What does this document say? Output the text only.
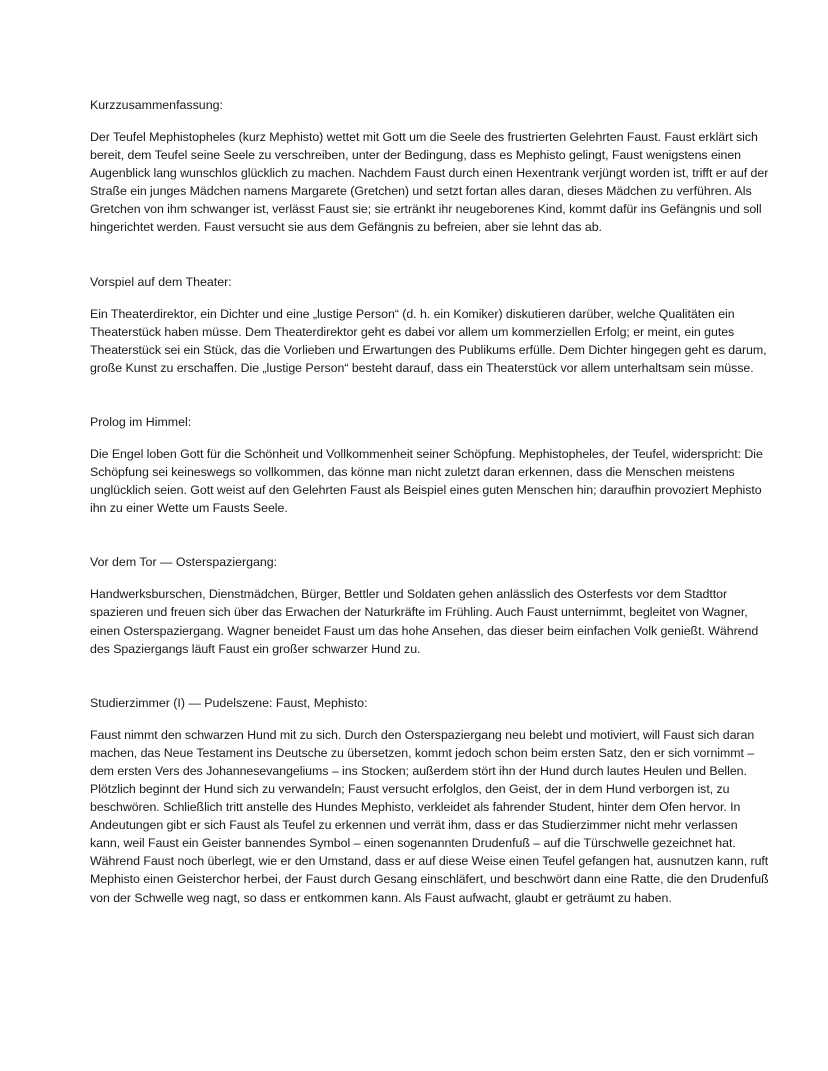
Kurzzusammenfassung:

Der Teufel Mephistopheles (kurz Mephisto) wettet mit Gott um die Seele des frustrierten Gelehrten Faust. Faust erklärt sich bereit, dem Teufel seine Seele zu verschreiben, unter der Bedingung, dass es Mephisto gelingt, Faust wenigstens einen Augenblick lang wunschlos glücklich zu machen. Nachdem Faust durch einen Hexentrank verjüngt worden ist, trifft er auf der Straße ein junges Mädchen namens Margarete (Gretchen) und setzt fortan alles daran, dieses Mädchen zu verführen. Als Gretchen von ihm schwanger ist, verlässt Faust sie; sie ertränkt ihr neugeborenes Kind, kommt dafür ins Gefängnis und soll hingerichtet werden. Faust versucht sie aus dem Gefängnis zu befreien, aber sie lehnt das ab.

Vorspiel auf dem Theater:

Ein Theaterdirektor, ein Dichter und eine „lustige Person“ (d. h. ein Komiker) diskutieren darüber, welche Qualitäten ein Theaterstück haben müsse. Dem Theaterdirektor geht es dabei vor allem um kommerziellen Erfolg; er meint, ein gutes Theaterstück sei ein Stück, das die Vorlieben und Erwartungen des Publikums erfülle. Dem Dichter hingegen geht es darum, große Kunst zu erschaffen. Die „lustige Person“ besteht darauf, dass ein Theaterstück vor allem unterhaltsam sein müsse.

Prolog im Himmel:

Die Engel loben Gott für die Schönheit und Vollkommenheit seiner Schöpfung. Mephistopheles, der Teufel, widerspricht: Die Schöpfung sei keineswegs so vollkommen, das könne man nicht zuletzt daran erkennen, dass die Menschen meistens unglücklich seien. Gott weist auf den Gelehrten Faust als Beispiel eines guten Menschen hin; daraufhin provoziert Mephisto ihn zu einer Wette um Fausts Seele.

Vor dem Tor — Osterspaziergang:

Handwerksburschen, Dienstmädchen, Bürger, Bettler und Soldaten gehen anlässlich des Osterfests vor dem Stadttor spazieren und freuen sich über das Erwachen der Naturkräfte im Frühling. Auch Faust unternimmt, begleitet von Wagner, einen Osterspaziergang. Wagner beneidet Faust um das hohe Ansehen, das dieser beim einfachen Volk genießt. Während des Spaziergangs läuft Faust ein großer schwarzer Hund zu.

Studierzimmer (I) — Pudelszene: Faust, Mephisto:

Faust nimmt den schwarzen Hund mit zu sich. Durch den Osterspaziergang neu belebt und motiviert, will Faust sich daran machen, das Neue Testament ins Deutsche zu übersetzen, kommt jedoch schon beim ersten Satz, den er sich vornimmt – dem ersten Vers des Johannesevangeliums – ins Stocken; außerdem stört ihn der Hund durch lautes Heulen und Bellen. Plötzlich beginnt der Hund sich zu verwandeln; Faust versucht erfolglos, den Geist, der in dem Hund verborgen ist, zu beschwören. Schließlich tritt anstelle des Hundes Mephisto, verkleidet als fahrender Student, hinter dem Ofen hervor. In Andeutungen gibt er sich Faust als Teufel zu erkennen und verrät ihm, dass er das Studierzimmer nicht mehr verlassen kann, weil Faust ein Geister bannendes Symbol – einen sogenannten Drudenfuß – auf die Türschwelle gezeichnet hat. Während Faust noch überlegt, wie er den Umstand, dass er auf diese Weise einen Teufel gefangen hat, ausnutzen kann, ruft Mephisto einen Geisterchor herbei, der Faust durch Gesang einschläfert, und beschwört dann eine Ratte, die den Drudenfuß von der Schwelle weg nagt, so dass er entkommen kann. Als Faust aufwacht, glaubt er geträumt zu haben.
